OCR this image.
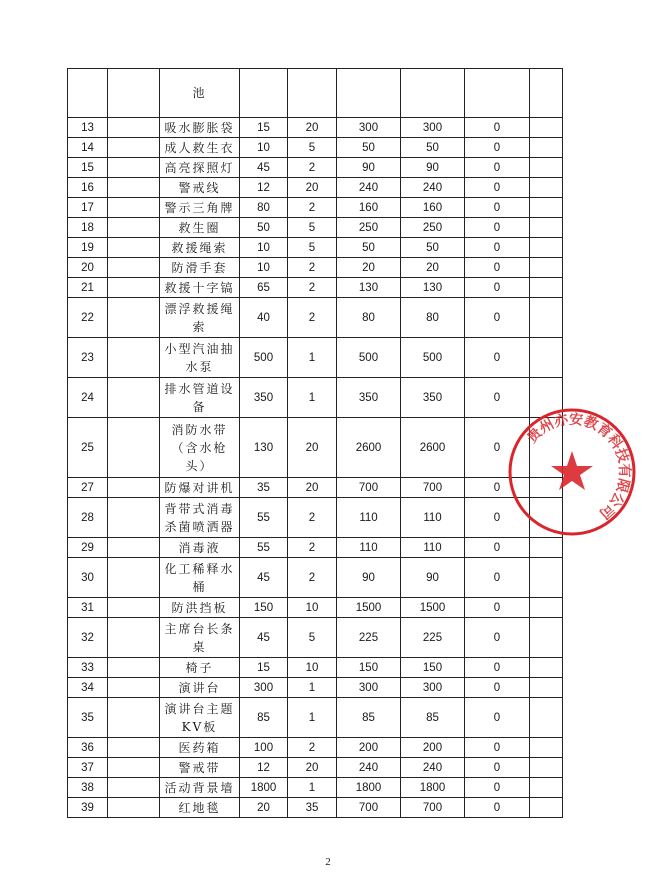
		池						
13		吸水膨胀袋	15	20	300	300	0	
14		成人救生衣	10	5	50	50	0	
15		高亮探照灯	45	2	90	90	0	
16		警戒线	12	20	240	240	0	
17		警示三角牌	80	2	160	160	0	
18		救生圈	50	5	250	250	0	
19		救援绳索	10	5	50	50	0	
20		防滑手套	10	2	20	20	0	
21		救援十字镐	65	2	130	130	0	
22		漂浮救援绳索	40	2	80	80	0	
23		小型汽油抽水泵	500	1	500	500	0	
24		排水管道设备	350	1	350	350	0	
25		消防水带（含水枪头）	130	20	2600	2600	0	
27		防爆对讲机	35	20	700	700	0	
28		背带式消毒杀菌喷洒器	55	2	110	110	0	
29		消毒液	55	2	110	110	0	
30		化工稀释水桶	45	2	90	90	0	
31		防洪挡板	150	10	1500	1500	0	
32		主席台长条桌	45	5	225	225	0	
33		椅子	15	10	150	150	0	
34		演讲台	300	1	300	300	0	
35		演讲台主题KV板	85	1	85	85	0	
36		医药箱	100	2	200	200	0	
37		警戒带	12	20	240	240	0	
38		活动背景墙	1800	1	1800	1800	0	
39		红地毯	20	35	700	700	0	
贵州亦安教育科技有限公司
2
